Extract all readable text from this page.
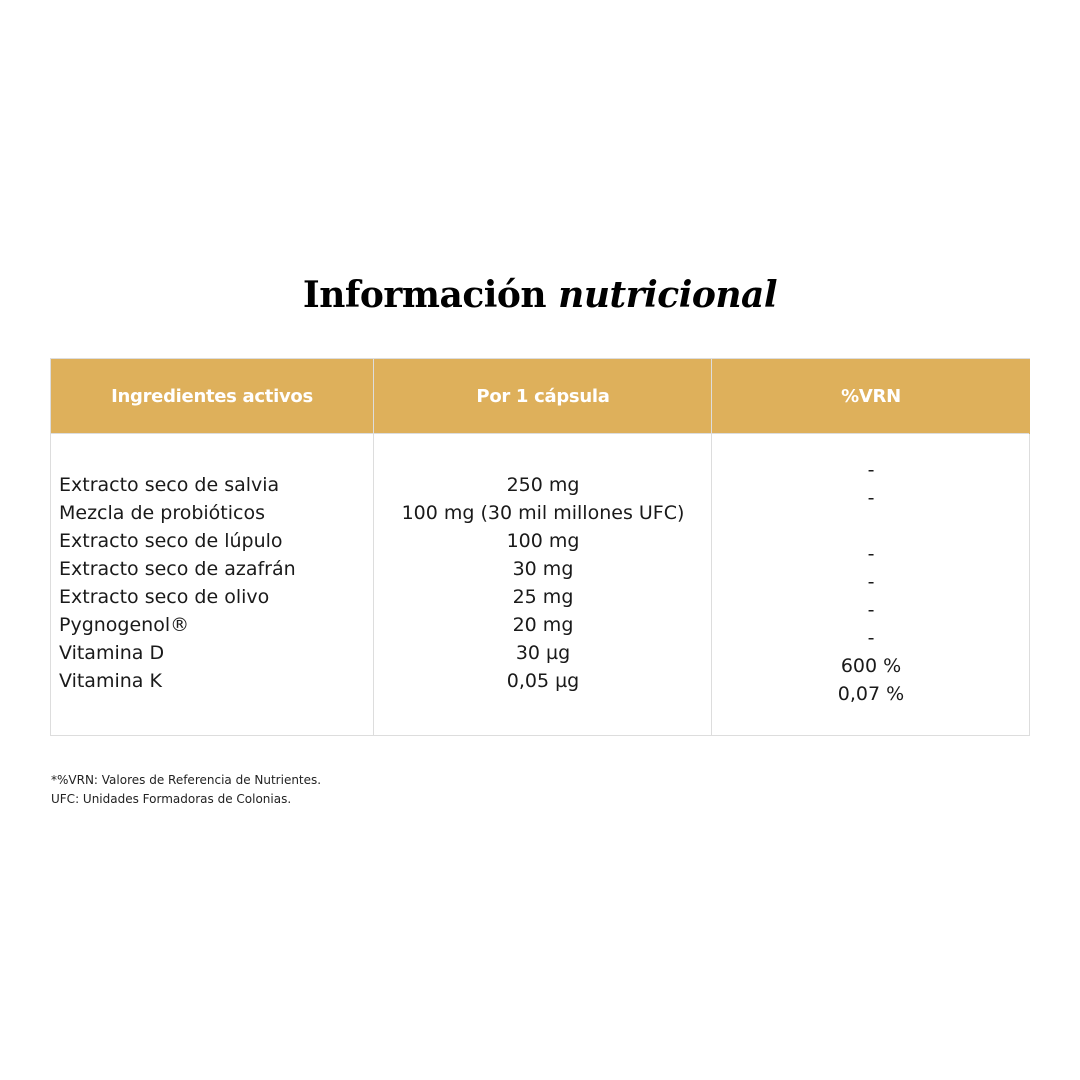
Información nutricional
Ingredientes activos	Por 1 cápsula	%VRN
Extracto seco de salvia
Mezcla de probióticos
Extracto seco de lúpulo
Extracto seco de azafrán
Extracto seco de olivo
Pygnogenol®
Vitamina D
Vitamina K
250 mg
100 mg (30 mil millones UFC)
100 mg
30 mg
25 mg
20 mg
30 µg
0,05 µg
-
-
-
-
-
-
600 %
0,07 %
*%VRN: Valores de Referencia de Nutrientes.
UFC: Unidades Formadoras de Colonias.
